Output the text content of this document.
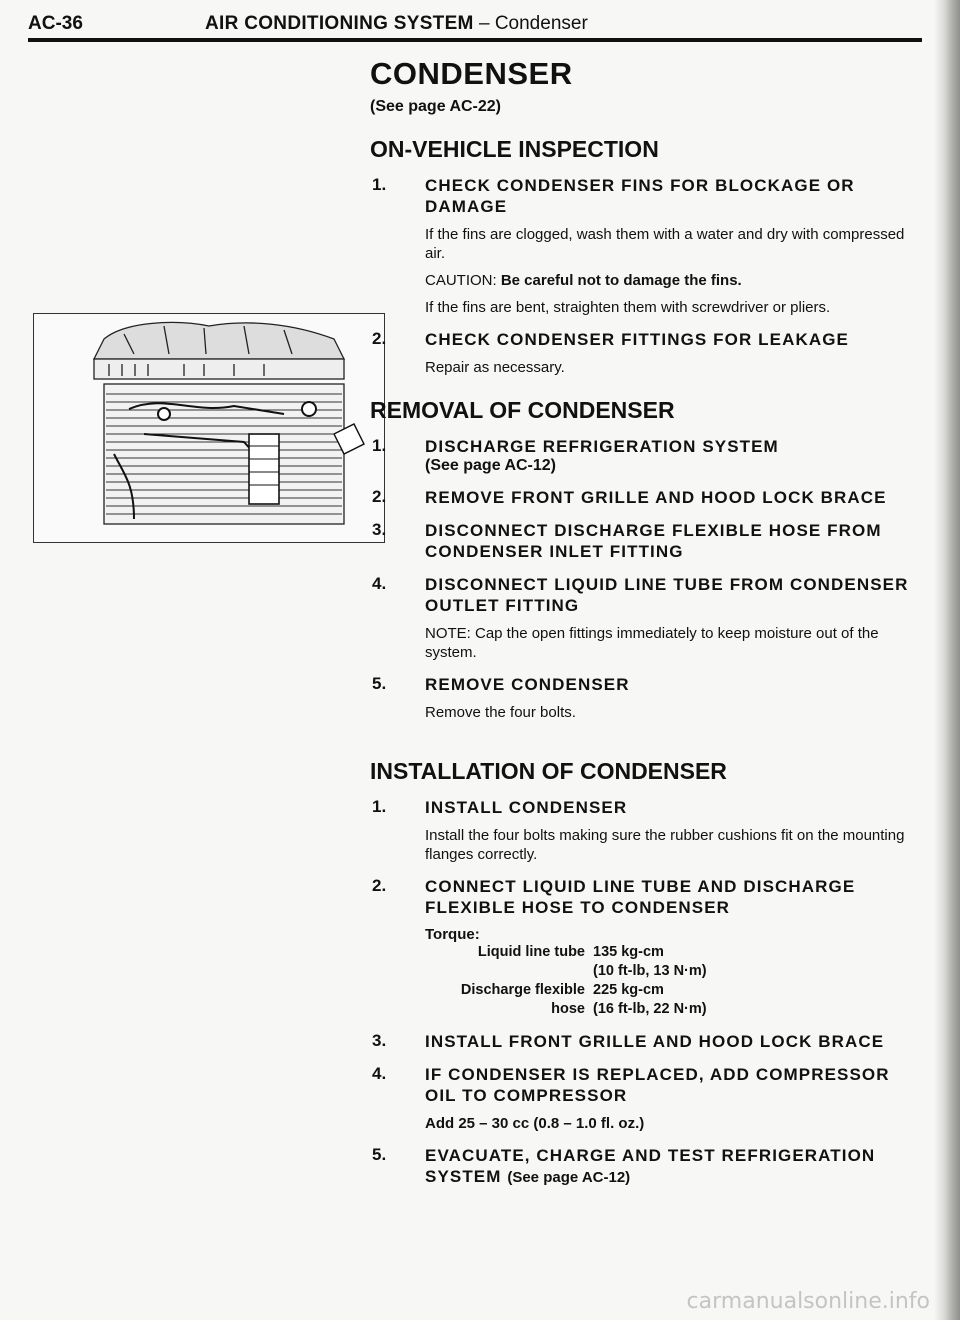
AC-36	AIR CONDITIONING SYSTEM – Condenser
CONDENSER
(See page AC-22)
ON-VEHICLE INSPECTION
1. CHECK CONDENSER FINS FOR BLOCKAGE OR DAMAGE
If the fins are clogged, wash them with a water and dry with compressed air.
CAUTION: Be careful not to damage the fins.
If the fins are bent, straighten them with screwdriver or pliers.
2. CHECK CONDENSER FITTINGS FOR LEAKAGE
Repair as necessary.
REMOVAL OF CONDENSER
1. DISCHARGE REFRIGERATION SYSTEM
(See page AC-12)
2. REMOVE FRONT GRILLE AND HOOD LOCK BRACE
3. DISCONNECT DISCHARGE FLEXIBLE HOSE FROM CONDENSER INLET FITTING
4. DISCONNECT LIQUID LINE TUBE FROM CONDENSER OUTLET FITTING
NOTE: Cap the open fittings immediately to keep moisture out of the system.
5. REMOVE CONDENSER
Remove the four bolts.
INSTALLATION OF CONDENSER
1. INSTALL CONDENSER
Install the four bolts making sure the rubber cushions fit on the mounting flanges correctly.
2. CONNECT LIQUID LINE TUBE AND DISCHARGE FLEXIBLE HOSE TO CONDENSER
Torque:
Liquid line tube 135 kg-cm
(10 ft-lb, 13 N·m)
Discharge flexible hose
225 kg-cm
(16 ft-lb, 22 N·m)
3. INSTALL FRONT GRILLE AND HOOD LOCK BRACE
4. IF CONDENSER IS REPLACED, ADD COMPRESSOR OIL TO COMPRESSOR
Add 25 – 30 cc (0.8 – 1.0 fl. oz.)
5. EVACUATE, CHARGE AND TEST REFRIGERATION SYSTEM (See page AC-12)
carmanualsonline.info
